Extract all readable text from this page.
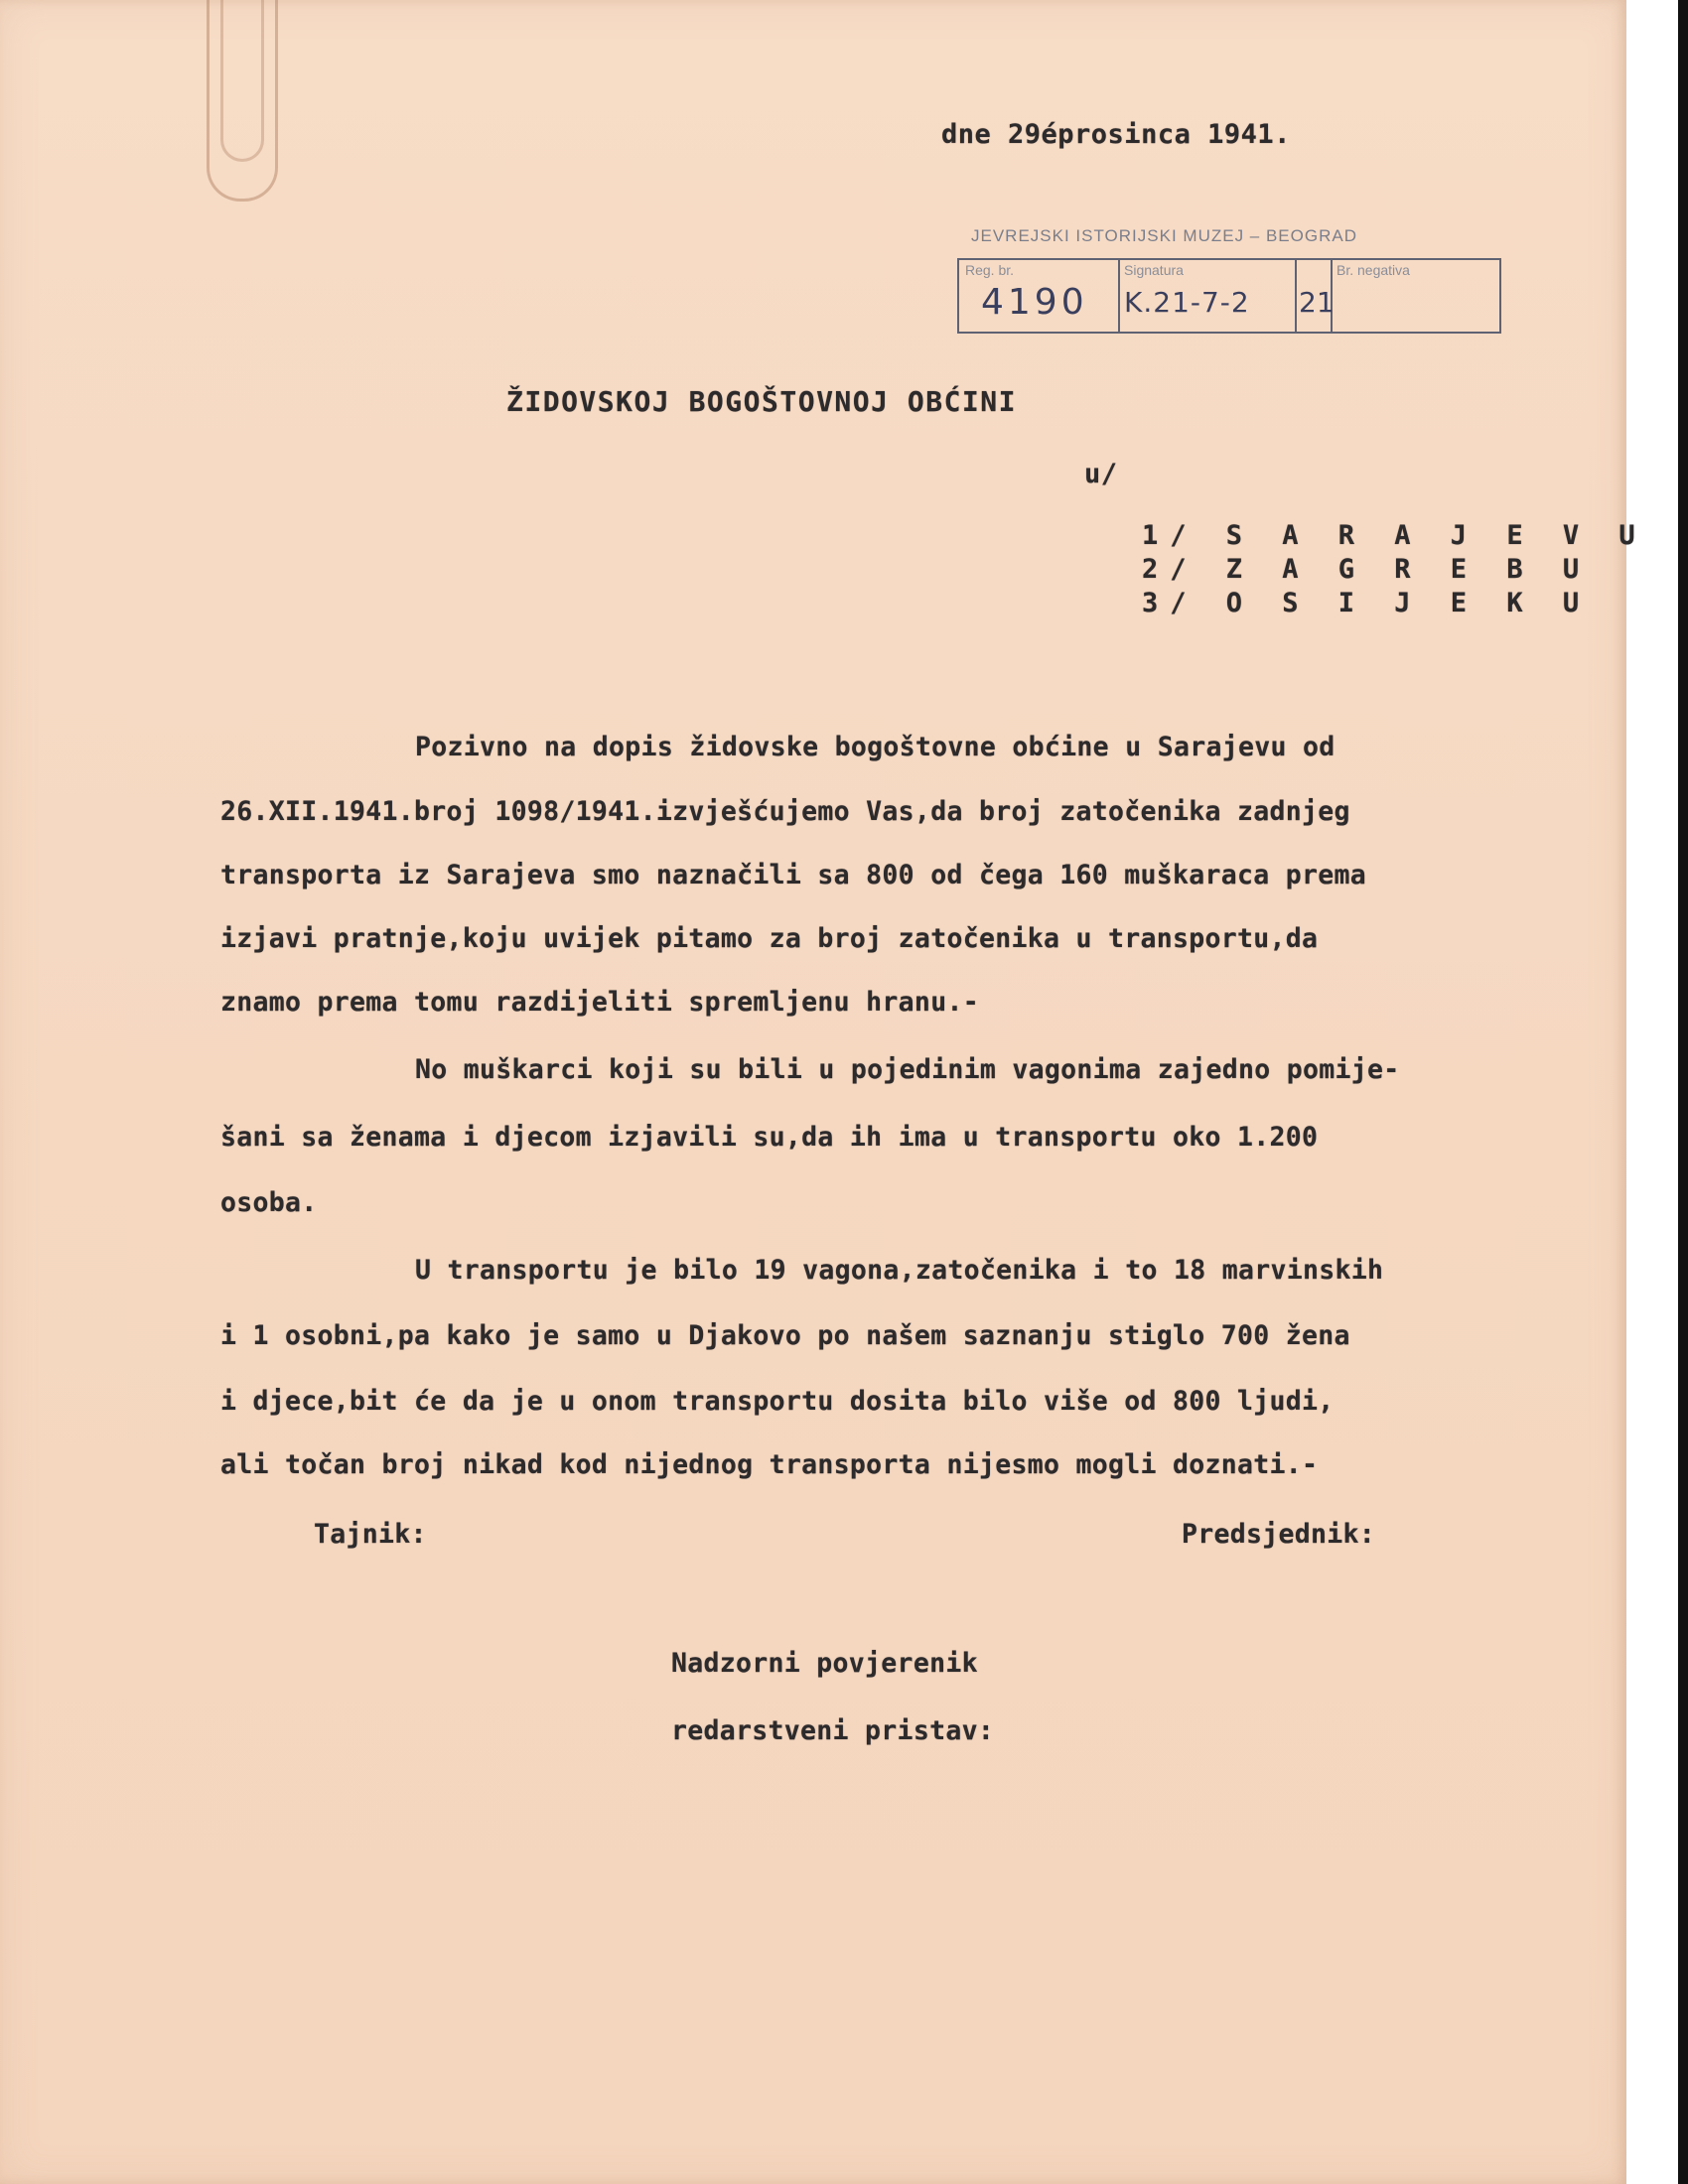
dne 29éprosinca 1941.
JEVREJSKI ISTORIJSKI MUZEJ – BEOGRAD
Reg. br.
4190
Signatura
K.21-7-2 21
Br. negativa
ŽIDOVSKOJ BOGOŠTOVNOJ OBĆINI
u/
1/ S A R A J E V U
2/ Z A G R E B U
3/ O S I J E K U
Pozivno na dopis židovske bogoštovne obćine u Sarajevu od
26.XII.1941.broj 1098/1941.izvješćujemo Vas,da broj zatočenika zadnjeg
transporta iz Sarajeva smo naznačili sa 800 od čega 160 muškaraca prema
izjavi pratnje,koju uvijek pitamo za broj zatočenika u transportu,da
znamo prema tomu razdijeliti spremljenu hranu.-
No muškarci koji su bili u pojedinim vagonima zajedno pomije-
šani sa ženama i djecom izjavili su,da ih ima u transportu oko 1.200
osoba.
U transportu je bilo 19 vagona,zatočenika i to 18 marvinskih
i 1 osobni,pa kako je samo u Djakovo po našem saznanju stiglo 700 žena
i djece,bit će da je u onom transportu dosita bilo više od 800 ljudi,
ali točan broj nikad kod nijednog transporta nijesmo mogli doznati.-
Tajnik:	Predsjednik:
Nadzorni povjerenik
redarstveni pristav:
